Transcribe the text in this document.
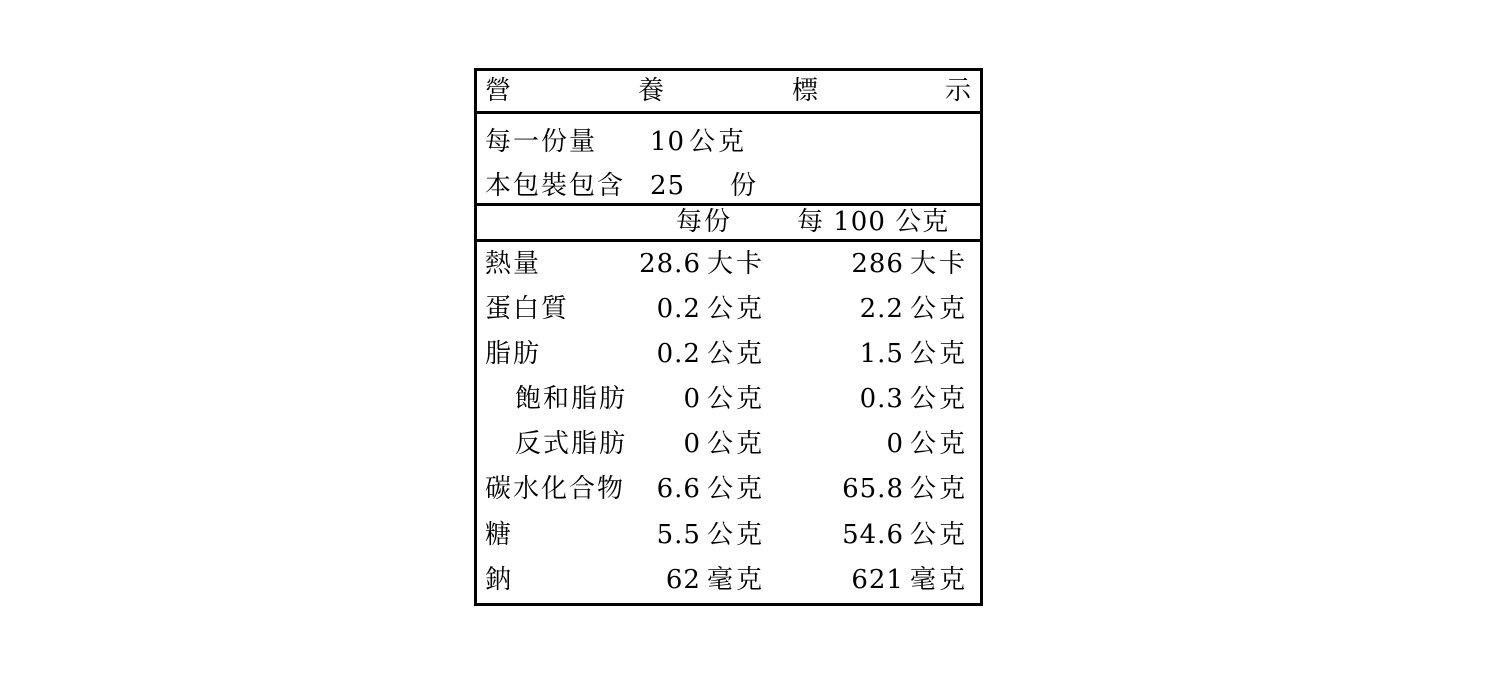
營	養	標	示
每一份量 10 公克
本包裝包含 25 份
每份 每 100 公克
熱量	28.6 大卡	286 大卡
蛋白質	0.2 公克	2.2 公克
脂肪	0.2 公克	1.5 公克
飽和脂肪 0 公克	0.3 公克
反式脂肪 0 公克	0 公克
碳水化合物 6.6 公克	65.8 公克
糖	5.5 公克	54.6 公克
鈉	62 毫克	621 毫克
